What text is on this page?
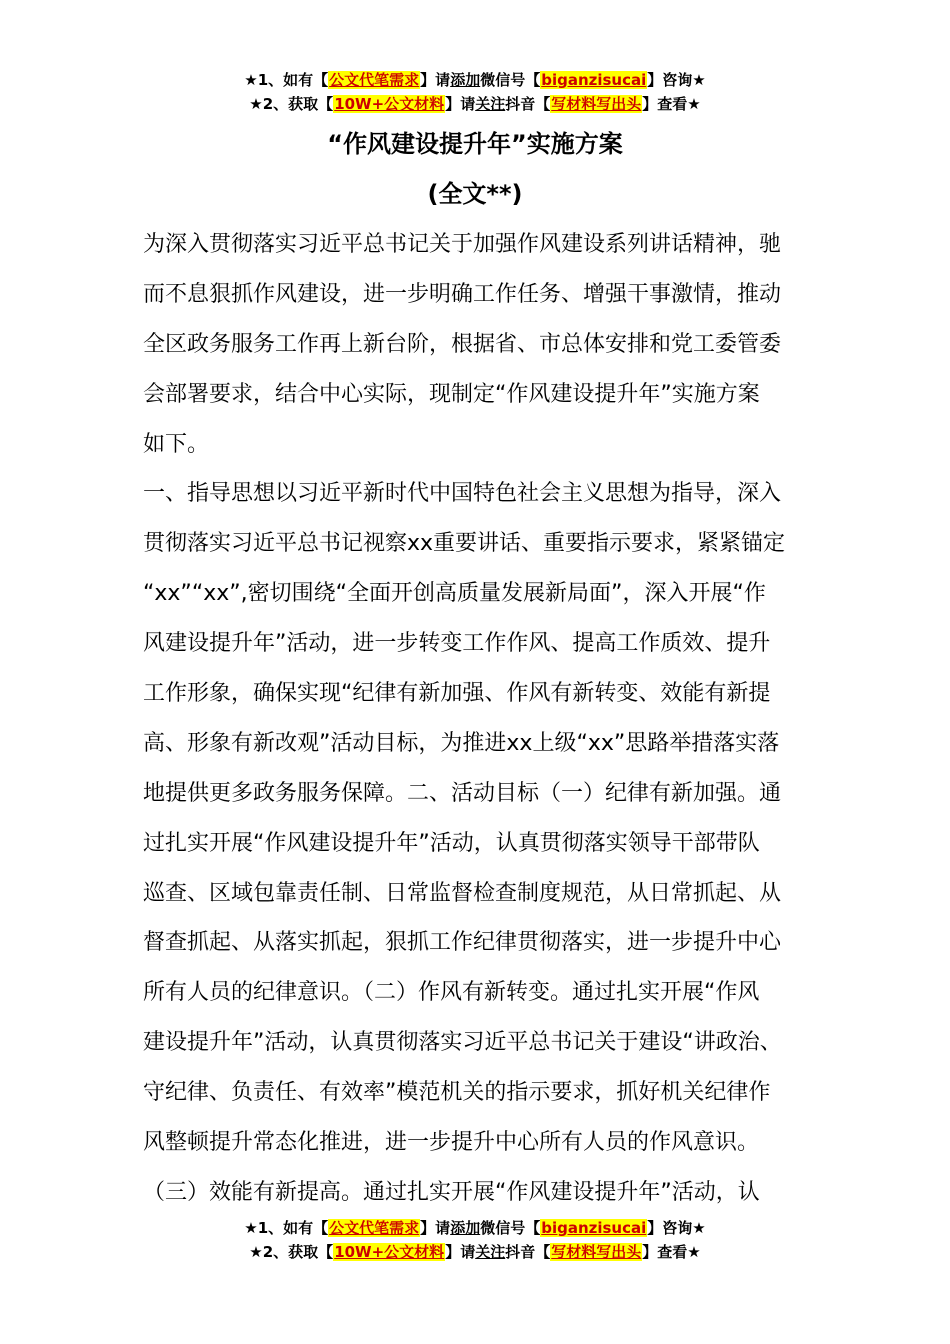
★1、如有【公文代笔需求】请添加微信号【biganzisucai】咨询★
★2、获取【10W+公文材料】请关注抖音【写材料写出头】查看★
“作风建设提升年”实施方案
(全文**)
为深入贯彻落实习近平总书记关于加强作风建设系列讲话精神，驰
而不息狠抓作风建设，进一步明确工作任务、增强干事激情，推动
全区政务服务工作再上新台阶，根据省、市总体安排和党工委管委
会部署要求，结合中心实际，现制定“作风建设提升年”实施方案
如下。
一、指导思想以习近平新时代中国特色社会主义思想为指导，深入
贯彻落实习近平总书记视察xx重要讲话、重要指示要求，紧紧锚定
“xx”“xx”,密切围绕“全面开创高质量发展新局面”，深入开展“作
风建设提升年”活动，进一步转变工作作风、提高工作质效、提升
工作形象，确保实现“纪律有新加强、作风有新转变、效能有新提
高、形象有新改观”活动目标，为推进xx上级“xx”思路举措落实落
地提供更多政务服务保障。二、活动目标（一）纪律有新加强。通
过扎实开展“作风建设提升年”活动，认真贯彻落实领导干部带队
巡查、区域包靠责任制、日常监督检查制度规范，从日常抓起、从
督查抓起、从落实抓起，狠抓工作纪律贯彻落实，进一步提升中心
所有人员的纪律意识。（二）作风有新转变。通过扎实开展“作风
建设提升年”活动，认真贯彻落实习近平总书记关于建设“讲政治、
守纪律、负责任、有效率”模范机关的指示要求，抓好机关纪律作
风整顿提升常态化推进，进一步提升中心所有人员的作风意识。
（三）效能有新提高。通过扎实开展“作风建设提升年”活动，认
★1、如有【公文代笔需求】请添加微信号【biganzisucai】咨询★
★2、获取【10W+公文材料】请关注抖音【写材料写出头】查看★
